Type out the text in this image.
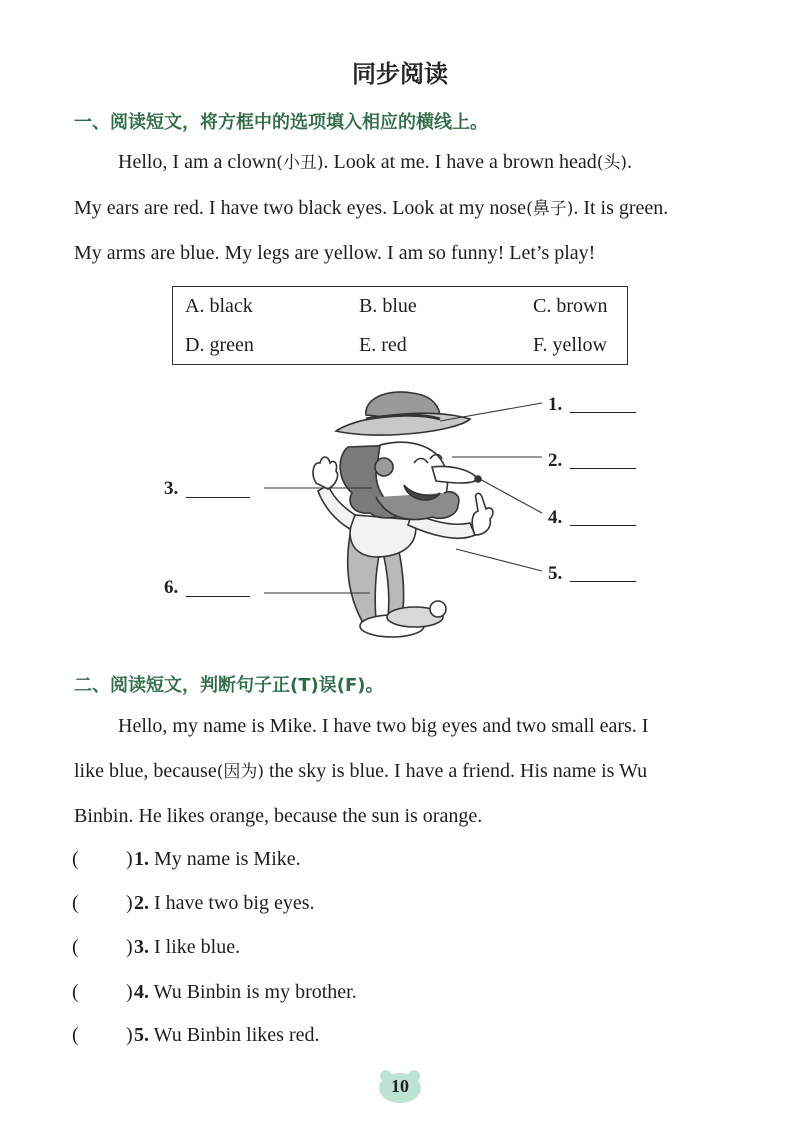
同步阅读
一、阅读短文，将方框中的选项填入相应的横线上。

Hello, I am a clown(小丑). Look at me. I have a brown head(头).

My ears are red. I have two black eyes. Look at my nose(鼻子). It is green.

My arms are blue. My legs are yellow. I am so funny! Let’s play!

A. black	B. blue	C. brown
D. green	E. red	F. yellow
1.
2.
3.
4.
5.
6.
二、阅读短文，判断句子正(T)误(F)。

Hello, my name is Mike. I have two big eyes and two small ears. I

like blue, because(因为) the sky is blue. I have a friend. His name is Wu

Binbin. He likes orange, because the sun is orange.

( ) 1. My name is Mike.
( ) 2. I have two big eyes.
( ) 3. I like blue.
( ) 4. Wu Binbin is my brother.
( ) 5. Wu Binbin likes red.
10
